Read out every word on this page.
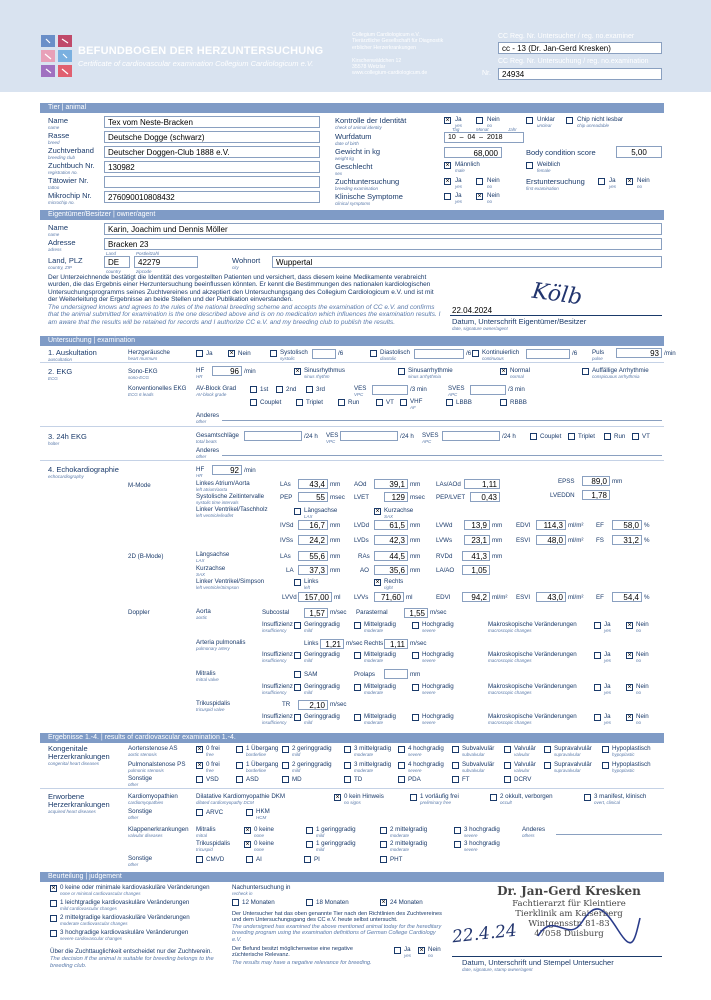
BEFUNDBOGEN DER HERZUNTERSUCHUNG
Certificate of cardiovascular examination Collegium Cardiologicum e.V.
Collegium Cardiologicum e.V.
Tierärztliche Gesellschaft für Diagnostik
erblicher Herzerkrankungen

Kirschenwäldchen 12
35578 Wetzlar
www.collegium-cardiologicum.de
CC Reg. Nr. Untersucher / reg. no.examiner
cc - 13 (Dr. Jan-Gerd Kresken)
CC Reg. Nr. Untersuchung / reg. no.examination
Nr.	24934
Tier | animal
Name
name
Tex vom Neste-Bracken
Rasse
breed
Deutsche Dogge (schwarz)
Zuchtverband
breeding club
Deutscher Doggen-Club 1888 e.V.
Zuchtbuch Nr.
registration no.
130982
Tätowier Nr.
tattoo
Mikrochip Nr.
microchip no.
276090010808432
Kontrolle der Identität
check of animal identity
× Ja
yes
Nein
no
Unklar
unclear
Chip nicht lesbar
chip unreadable
Wurfdatum
date of birth
Tag	Monat	Jahr
10  –  04  –  2018
Gewicht in kg
weight kg
68,000	Body condition score	5,00
Geschlecht
sex
× Männlich
male
Weiblich
female
Zuchtuntersuchung
breeding examination
× Ja
yes
Nein
no
Erstuntersuchung
first examination
Ja
yes
× Nein
no
Klinische Symptome
clinical symptoms
Ja
yes
× Nein
no
Eigentümer/Besitzer | owner/agent
Name
name
Karin, Joachim und Dennis Möller
Adresse
adress
Bracken 23
Land, PLZ
country, ZIP
Land	Postleitzahl
DE	42279
country	zipcode
Wohnort
city
Wuppertal
Der Unterzeichnende bestätigt die Identität des vorgestellten Patienten und versichert, dass diesem keine Medikamente verabreicht wurden, die das Ergebnis einer Herzuntersuchung beeinflussen könnten. Er kennt die Bestimmungen des nationalen kardiologischen Untersuchungsprogramms seines Zuchtvereines und akzeptiert den Untersuchungsgang des Collegium Cardiologicum e.V. und ist mit der Weiterleitung der Ergebnisse an beide Stellen und der Publikation einverstanden.
The undersigned knows and agrees to the rules of the national breeding scheme and accepts the examination of CC e.V. and confirms that the animal submitted for examination is the one described above and is on no medication which influences the examination results. I am aware that the results will be retained for records and I authorize CC e.V. and my breeding club to publish the results.
Kölb
22.04.2024
Datum, Unterschrift Eigentümer/Besitzer
date, signature owner/agent
Untersuchung | examination
1. Auskultation
auscultation
Herzgeräusche
heart murmurs
Ja × Nein	Systolisch
systolic
/6	Diastolisch
diastolic
/6 Kontinuierlich
continuous
/6 Puls
pulse
93 /min
2. EKG
ECG
Sono-EKG
sono-ECG
HF
HR
96 /min	× Sinusrhythmus
sinus rhythm
Sinusarrhythmie
sinus arrhythmia
× Normal
normal
Auffällige Arrhythmie
conspicuous arrhythmia
Konventionelles EKG
ECG 6 leads
AV-Block Grad
AV-block grade
1st	2nd	3rd	VES
VPC
/3 min	SVES
APC
/3 min
Couplet	Triplet	Run	VT	VHF
AF
LBBB	RBBB
Anderes
other
3. 24h EKG
holter
Gesamtschläge
total beats
/24 h VES
VPC
/24 h SVES
APC
/24 h	Couplet	Triplet	Run	VT
Anderes
other
4. Echokardiographie
echocardiography
HF
HR
92 /min
M-Mode	Linkes Atrium/Aorta
left atrium/aorta
LAs	43,4 mm AOd	39,1 mm	LAs/AOd	1,11	EPSS	89,0 mm
LVEDDN	1,78
Systolische Zeitintervalle
systolic time intervals
PEP	55 msec LVET	129 msec PEP/LVET	0,43
Linker Ventrikel/Taschholz
left ventricle/leaflet
Längsachse
LAX
× Kurzachse
SAX
IVSd	16,7 mm LVDd	61,5 mm	LVWd	13,9 mm EDVI	114,3 ml/m² EF	58,0 %
IVSs	24,2 mm LVDs	42,3 mm	LVWs	23,1 mm ESVI	48,0 ml/m² FS	31,2 %
2D (B-Mode)	Längsachse
LAX
LAs	55,6 mm	RAs	44,5 mm	RVDd	41,3 mm
Kurzachse
SAX
LA	37,3 mm	AO	35,6 mm	LA/AO	1,05
Linker Ventrikel/Simpson
left ventricle/Simpson
Links
left
× Rechts
right
LVVd 157,00 ml LVVs	71,60 ml	EDVI	94,2 ml/m² ESVI	43,0 ml/m² EF	54,4 %
Doppler	Aorta
aortic
Subcostal	1,57 m/sec Parasternal	1,55 m/sec
Insuffizienz
insufficiency
Geringgradig
mild
Mittelgradig
moderate
Hochgradig
severe
Makroskopische Veränderungen
macroscopic changes
Ja
yes
× Nein
no
Arteria pulmonalis
pulmonary artery
Links 1,21 m/sec Rechts 1,11 m/sec
Insuffizienz
insufficiency
Geringgradig
mild
Mittelgradig
moderate
Hochgradig
severe
Makroskopische Veränderungen
macroscopic changes
Ja
yes
× Nein
no
Mitralis
mitral valve
SAM	Prolaps	mm
Insuffizienz
insufficiency
Geringgradig
mild
Mittelgradig
moderate
Hochgradig
severe
Makroskopische Veränderungen
macroscopic changes
Ja
yes
× Nein
no
Trikuspidalis
tricuspid valve
TR	2,10 m/sec
Insuffizienz
insufficiency
Geringgradig
mild
Mittelgradig
moderate
Hochgradig
severe
Makroskopische Veränderungen
macroscopic changes
Ja
yes
× Nein
no
Ergebnisse 1.-4. | results of cardiovascular examination 1.-4.
Kongenitale Herzerkrankungen
congenital heart diseases
Aortenstenose AS
aortic stenosis
× 0 frei
free
1 Übergang
borderline
2 geringgradig
mild
3 mittelgradig
moderate
4 hochgradig
severe
Subvalvulär
subvalvular
Valvulär
valvular
Supravalvulär
supravalvular
Hypoplastisch
hypoplastic
Pulmonalstenose PS
pulmonic stenosis
× 0 frei
free
1 Übergang
borderline
2 geringgradig
mild
3 mittelgradig
moderate
4 hochgradig
severe
Subvalvulär
subvalvular
Valvulär
valvular
Supravalvulär
supravalvular
Hypoplastisch
hypoplastic
Sonstige
other
VSD	ASD	MD	TD	PDA	FT	DCRV
Erworbene Herzerkrankungen
acquired heart diseases
Kardiomyopathien
cardiomyopathies
Dilatative Kardiomyopathie DKM
dilated cardiomyopathy DCM
× 0 kein Hinweis
no signs
1 vorläufig frei
preliminary free
2 okkult, verborgen
occult
3 manifest, klinisch
overt, clinical
Sonstige
other
ARVC	HKM
HCM
Klappenerkrankungen
valvular diseases
Mitralis
mitral
Trikuspidalis
tricuspid
× 0 keine
none
1 geringgradig
mild
2 mittelgradig
moderate
3 hochgradig
severe
× 0 keine
none
1 geringgradig
mild
2 mittelgradig
moderate
3 hochgradig
severe
Anderes
others
Sonstige
other
CMVD	AI	PI	PHT
Beurteilung | judgement
× 0 keine oder minimale kardiovaskuläre Veränderungen
none or minimal cardiovascular changes
1 leichtgradige kardiovaskuläre Veränderungen
mild cardiovascular changes
2 mittelgradige kardiovaskuläre Veränderungen
moderate cardiovascular changes
3 hochgradige kardiovaskuläre Veränderungen
severe cardiovascular changes
Über die Zuchttauglichkeit entscheidet nur der Zuchtverein.
The decision if the animal is suitable for breeding belongs to the breeding club.
Nachuntersuchung in
recheck in
12 Monaten	18 Monaten	× 24 Monaten
Der Untersucher hat das oben genannte Tier nach den Richtlinien des Zuchtvereines und dem Untersuchungsgang des CC e.V. heute selbst untersucht.
The undersigned has examined the above mentioned animal today for the hereditary breeding program using the examination definitions of German College Cardiology e.V.
Der Befund besitzt möglicherweise eine negative züchterische Relevanz.
The results may have a negative relevance for breeding.
Ja
yes
× Nein
no
Dr. Jan-Gerd Kresken
Fachtierarzt für Kleintiere
Tierklinik am Kaiserberg
Wintgensstr. 81-83
47058 Duisburg
22.4.24
Datum, Unterschrift und Stempel Untersucher
date, signature, stamp owner/agent
